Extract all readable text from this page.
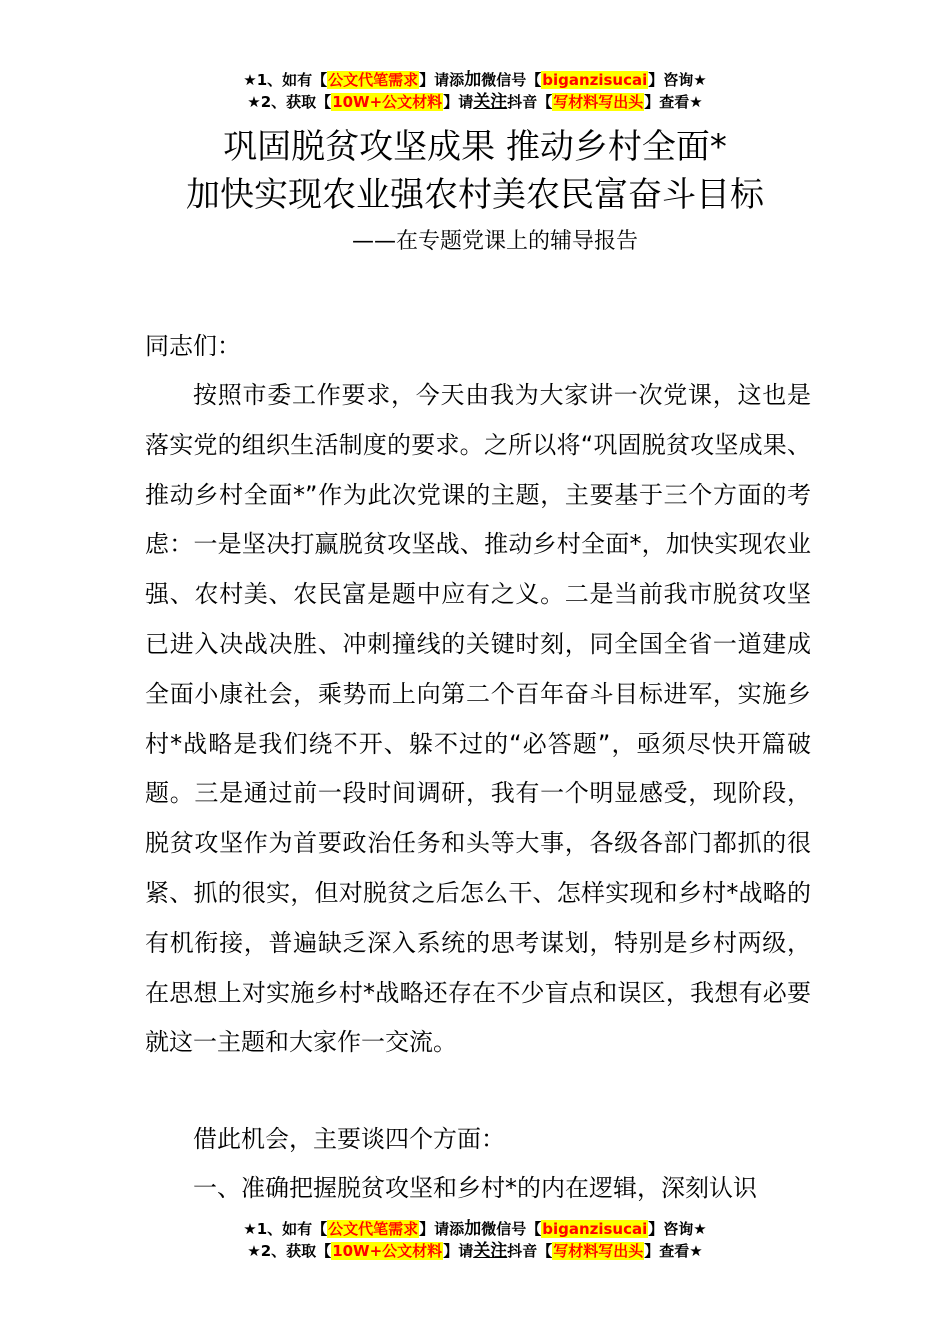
★1、如有【公文代笔需求】请添加微信号【biganzisucai】咨询★
★2、获取【10W+公文材料】请关注抖音【写材料写出头】查看★
巩固脱贫攻坚成果 推动乡村全面*
加快实现农业强农村美农民富奋斗目标
——在专题党课上的辅导报告
同志们：
按照市委工作要求，今天由我为大家讲一次党课，这也是落实党的组织生活制度的要求。之所以将“巩固脱贫攻坚成果、推动乡村全面*”作为此次党课的主题，主要基于三个方面的考虑：一是坚决打赢脱贫攻坚战、推动乡村全面*，加快实现农业强、农村美、农民富是题中应有之义。二是当前我市脱贫攻坚已进入决战决胜、冲刺撞线的关键时刻，同全国全省一道建成全面小康社会，乘势而上向第二个百年奋斗目标进军，实施乡村*战略是我们绕不开、躲不过的“必答题”，亟须尽快开篇破题。三是通过前一段时间调研，我有一个明显感受，现阶段，脱贫攻坚作为首要政治任务和头等大事，各级各部门都抓的很紧、抓的很实，但对脱贫之后怎么干、怎样实现和乡村*战略的有机衔接，普遍缺乏深入系统的思考谋划，特别是乡村两级，在思想上对实施乡村*战略还存在不少盲点和误区，我想有必要就这一主题和大家作一交流。
借此机会，主要谈四个方面：
一、准确把握脱贫攻坚和乡村*的内在逻辑，深刻认识
★1、如有【公文代笔需求】请添加微信号【biganzisucai】咨询★
★2、获取【10W+公文材料】请关注抖音【写材料写出头】查看★
